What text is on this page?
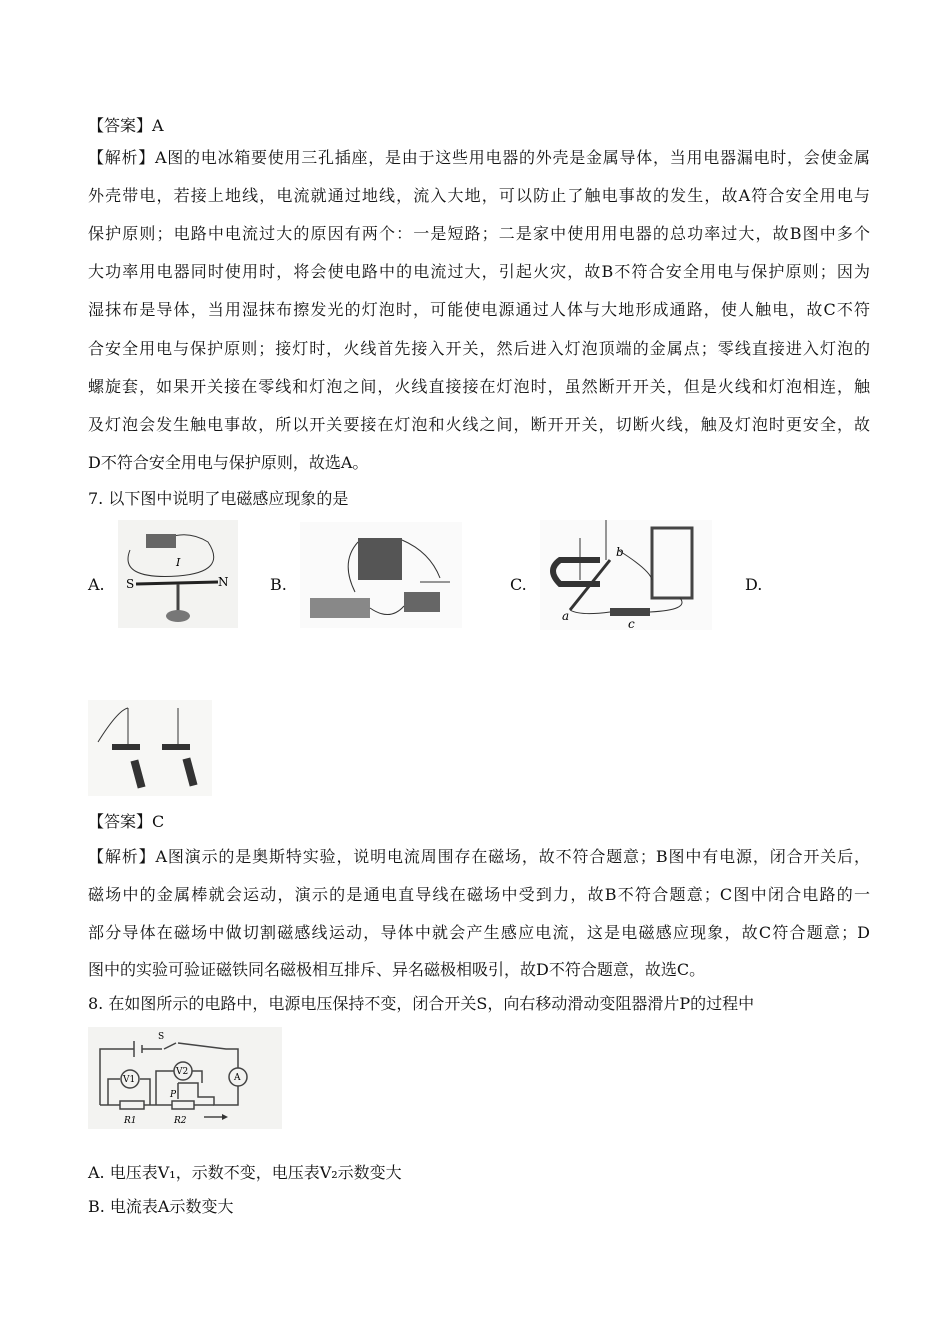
【答案】A
【解析】A图的电冰箱要使用三孔插座，是由于这些用电器的外壳是金属导体，当用电器漏电时，会使金属
外壳带电，若接上地线，电流就通过地线，流入大地，可以防止了触电事故的发生，故A符合安全用电与
保护原则；电路中电流过大的原因有两个：一是短路；二是家中使用用电器的总功率过大，故B图中多个
大功率用电器同时使用时，将会使电路中的电流过大，引起火灾，故B不符合安全用电与保护原则；因为
湿抹布是导体，当用湿抹布擦发光的灯泡时，可能使电源通过人体与大地形成通路，使人触电，故C不符
合安全用电与保护原则；接灯时，火线首先接入开关，然后进入灯泡顶端的金属点；零线直接进入灯泡的
螺旋套，如果开关接在零线和灯泡之间，火线直接接在灯泡时，虽然断开开关，但是火线和灯泡相连，触
及灯泡会发生触电事故，所以开关要接在灯泡和火线之间，断开开关，切断火线，触及灯泡时更安全，故
D不符合安全用电与保护原则，故选A。
7. 以下图中说明了电磁感应现象的是
A.
I
S	N	B.	C.
a
b
c
D.
【答案】C
【解析】A图演示的是奥斯特实验，说明电流周围存在磁场，故不符合题意；B图中有电源，闭合开关后，
磁场中的金属棒就会运动，演示的是通电直导线在磁场中受到力，故B不符合题意；C图中闭合电路的一
部分导体在磁场中做切割磁感线运动，导体中就会产生感应电流，这是电磁感应现象，故C符合题意；D
图中的实验可验证磁铁同名磁极相互排斥、异名磁极相吸引，故D不符合题意，故选C。
8. 在如图所示的电路中，电源电压保持不变，闭合开关S，向右移动滑动变阻器滑片P的过程中
S
V1
V2
A
P
R1	R2
A. 电压表V₁，示数不变，电压表V₂示数变大
B. 电流表A示数变大
